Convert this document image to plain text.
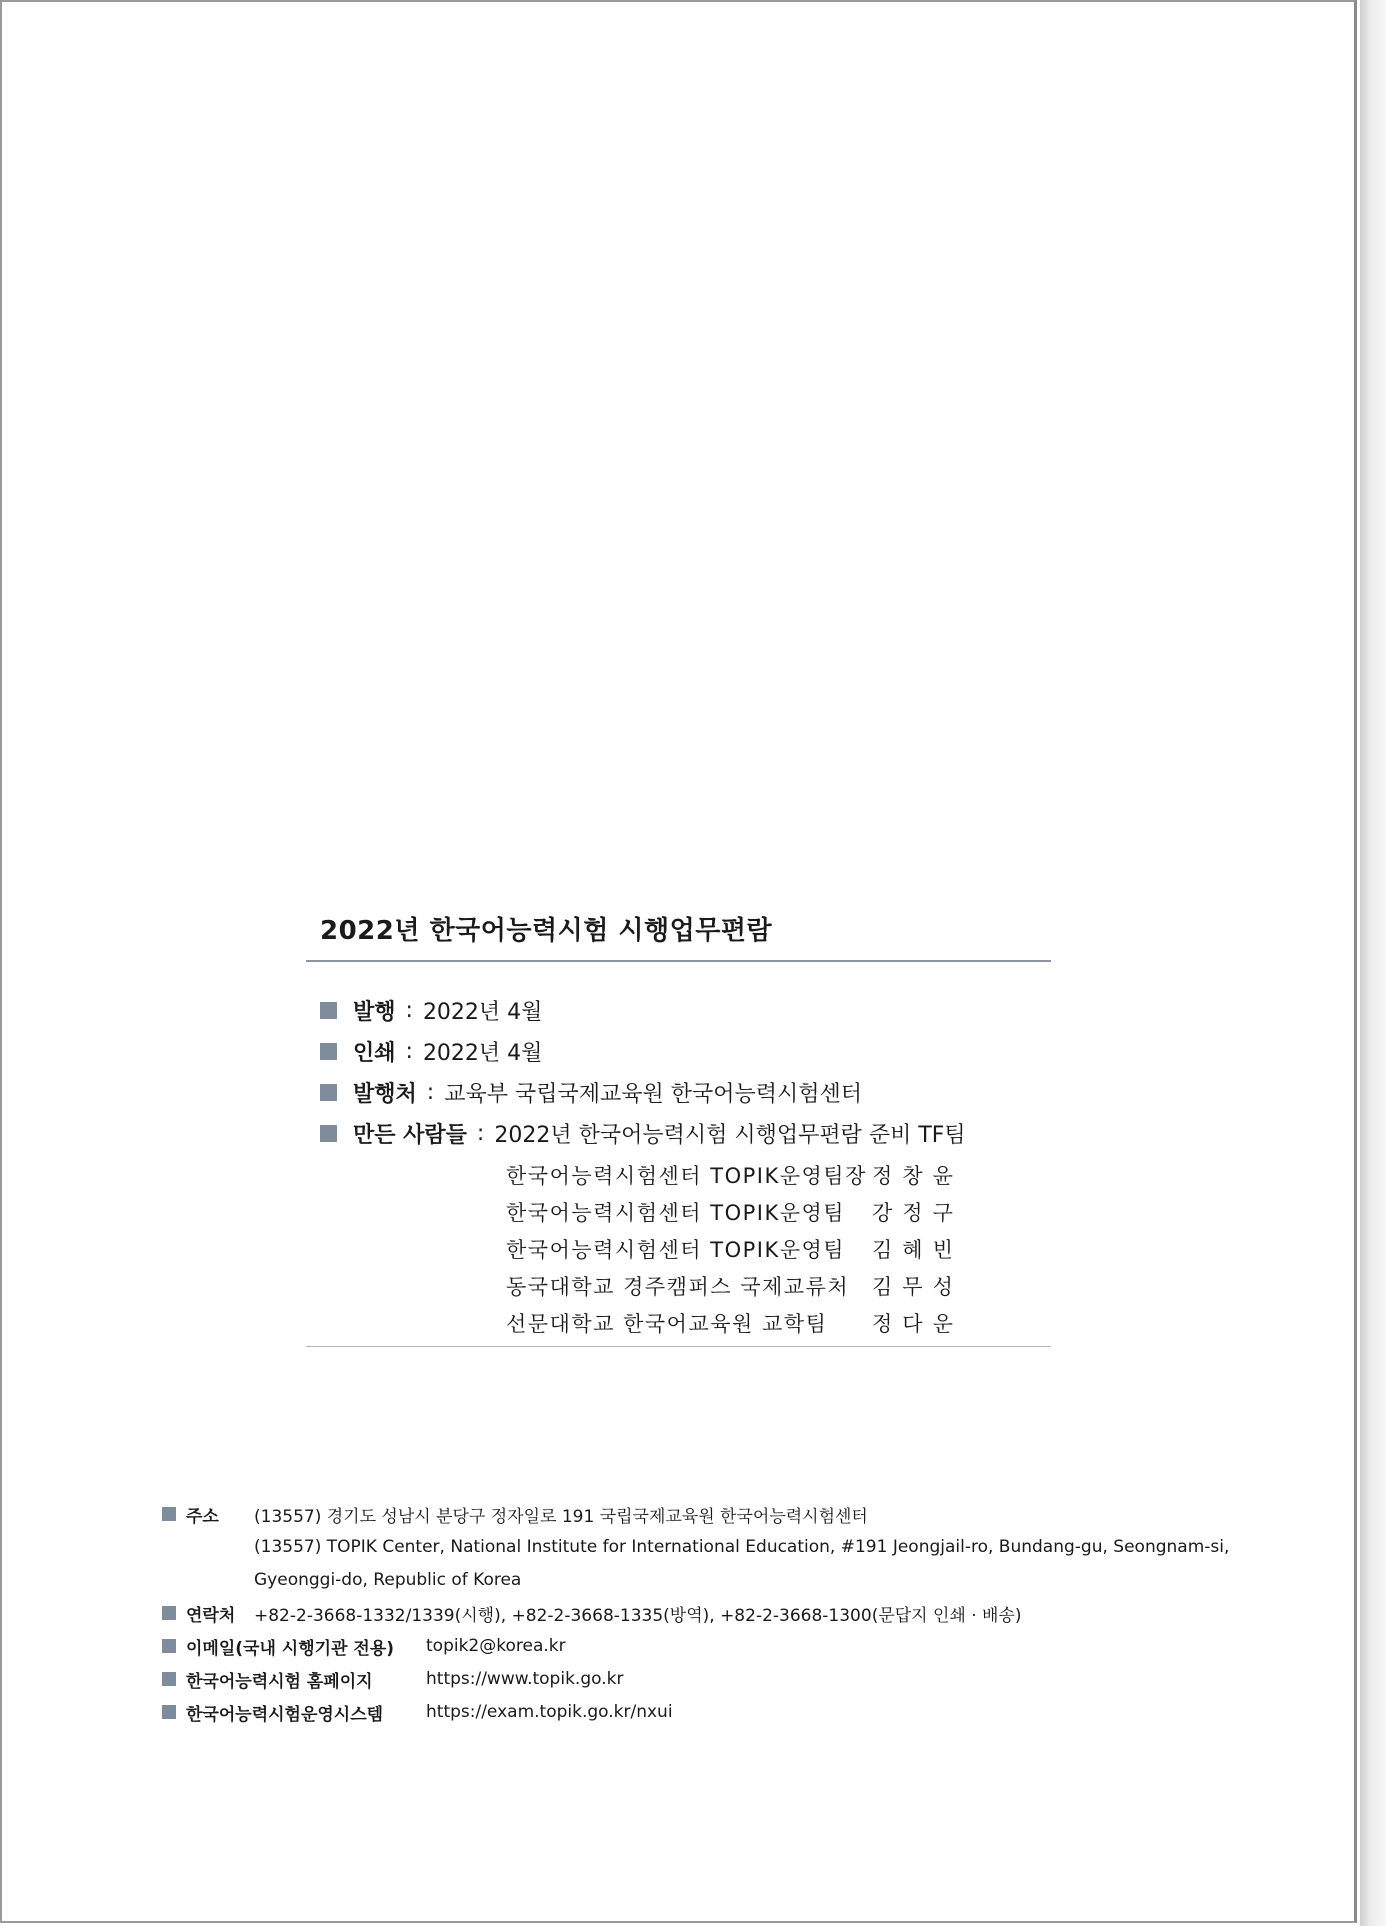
2022년 한국어능력시험 시행업무편람
발행 : 2022년 4월
인쇄 : 2022년 4월
발행처 : 교육부 국립국제교육원 한국어능력시험센터
만든 사람들 : 2022년 한국어능력시험 시행업무편람 준비 TF팀
한국어능력시험센터 TOPIK운영팀장 정창윤
한국어능력시험센터 TOPIK운영팀	강정구
한국어능력시험센터 TOPIK운영팀	김혜빈
동국대학교 경주캠퍼스 국제교류처	김무성
선문대학교 한국어교육원 교학팀	정다운
주소	(13557) 경기도 성남시 분당구 정자일로 191 국립국제교육원 한국어능력시험센터
(13557) TOPIK Center, National Institute for International Education, #191 Jeongjail-ro, Bundang-gu, Seongnam-si,
Gyeonggi-do, Republic of Korea
연락처	+82-2-3668-1332/1339(시행), +82-2-3668-1335(방역), +82-2-3668-1300(문답지 인쇄 · 배송)
이메일(국내 시행기관 전용)	topik2@korea.kr
한국어능력시험 홈페이지	https://www.topik.go.kr
한국어능력시험운영시스템	https://exam.topik.go.kr/nxui
